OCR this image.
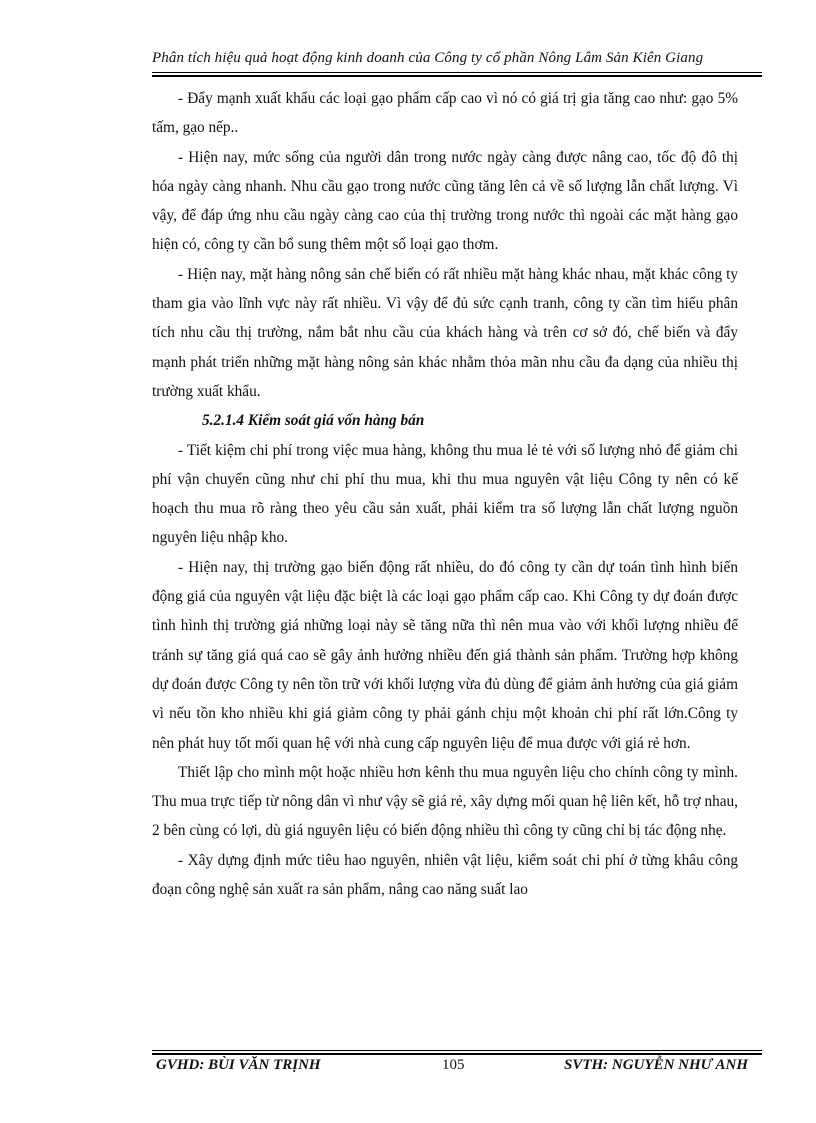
Phân tích hiệu quả hoạt động kinh doanh của Công ty cổ phần Nông Lâm Sản Kiên Giang

- Đẩy mạnh xuất khẩu các loại gạo phẩm cấp cao vì nó có giá trị gia tăng cao như: gạo 5% tấm, gạo nếp..

- Hiện nay, mức sống của người dân trong nước ngày càng được nâng cao, tốc độ đô thị hóa ngày càng nhanh. Nhu cầu gạo trong nước cũng tăng lên cả về số lượng lẫn chất lượng. Vì vậy, để đáp ứng nhu cầu ngày càng cao của thị trường trong nước thì ngoài các mặt hàng gạo hiện có, công ty cần bổ sung thêm một số loại gạo thơm.

- Hiện nay, mặt hàng nông sản chế biến có rất nhiều mặt hàng khác nhau, mặt khác công ty tham gia vào lĩnh vực này rất nhiều. Vì vậy để đủ sức cạnh tranh, công ty cần tìm hiểu phân tích nhu cầu thị trường, nắm bắt nhu cầu của khách hàng và trên cơ sở đó, chế biến và đẩy mạnh phát triển những mặt hàng nông sản khác nhằm thỏa mãn nhu cầu đa dạng của nhiều thị trường xuất khẩu.

5.2.1.4 Kiểm soát giá vốn hàng bán

- Tiết kiệm chi phí trong việc mua hàng, không thu mua lẻ tẻ với số lượng nhỏ để giảm chi phí vận chuyển cũng như chi phí thu mua, khi thu mua nguyên vật liệu Công ty nên có kế hoạch thu mua rõ ràng theo yêu cầu sản xuất, phải kiểm tra số lượng lẫn chất lượng nguồn nguyên liệu nhập kho.

- Hiện nay, thị trường gạo biến động rất nhiều, do đó công ty cần dự toán tình hình biến động giá của nguyên vật liệu đặc biệt là các loại gạo phẩm cấp cao. Khi Công ty dự đoán được tình hình thị trường giá những loại này sẽ tăng nữa thì nên mua vào với khối lượng nhiều để tránh sự tăng giá quá cao sẽ gây ảnh hưởng nhiều đến giá thành sản phẩm. Trường hợp không dự đoán được Công ty nên tồn trữ với khối lượng vừa đủ dùng để giảm ảnh hưởng của giá giảm vì nếu tồn kho nhiều khi giá giảm công ty phải gánh chịu một khoản chi phí rất lớn.Công ty nên phát huy tốt mối quan hệ với nhà cung cấp nguyên liệu để mua được với giá rẻ hơn.

Thiết lập cho mình một hoặc nhiều hơn kênh thu mua nguyên liệu cho chính công ty mình. Thu mua trực tiếp từ nông dân vì như vậy sẽ giá rẻ, xây dựng mối quan hệ liên kết, hỗ trợ nhau, 2 bên cùng có lợi, dù giá nguyên liệu có biến động nhiều thì công ty cũng chỉ bị tác động nhẹ.

- Xây dựng định mức tiêu hao nguyên, nhiên vật liệu, kiểm soát chi phí ở từng khâu công đoạn công nghệ sản xuất ra sản phẩm, nâng cao năng suất lao

GVHD: BÙI VĂN TRỊNH	105	SVTH: NGUYỄN NHƯ ANH
